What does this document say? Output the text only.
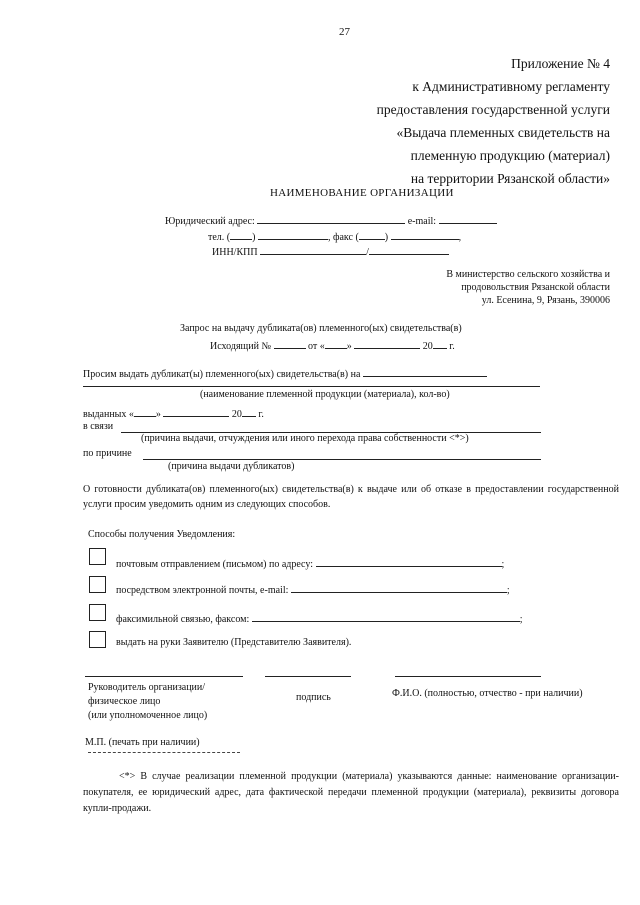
27
Приложение № 4
к Административному регламенту
предоставления государственной услуги
«Выдача племенных свидетельств на
племенную продукцию (материал)
на территории Рязанской области»
НАИМЕНОВАНИЕ ОРГАНИЗАЦИИ
Юридический адрес:	e-mail:
тел. ( )	, факс (	)	,
ИНН/КПП	/
В министерство сельского хозяйства и
продовольствия Рязанской области
ул. Есенина, 9, Рязань, 390006
Запрос на выдачу дубликата(ов) племенного(ых) свидетельства(в)
Исходящий №	от « »	20 г.
Просим выдать дубликат(ы) племенного(ых) свидетельства(в) на
(наименование племенной продукции (материала), кол-во)
выданных « »	20 г.
в связи
(причина выдачи, отчуждения или иного перехода права собственности <*>)
по причине
(причина выдачи дубликатов)
О готовности дубликата(ов) племенного(ых) свидетельства(в) к выдаче или об отказе в предоставлении государственной услуги просим уведомить одним из следующих способов.
Способы получения Уведомления:
почтовым отправлением (письмом) по адресу:	;
посредством электронной почты, e-mail:	;
факсимильной связью, факсом:	;
выдать на руки Заявителю (Представителю Заявителя).
Руководитель организации/
физическое лицо
(или уполномоченное лицо)
подпись	Ф.И.О. (полностью, отчество - при наличии)
М.П. (печать при наличии)
<*> В случае реализации племенной продукции (материала) указываются данные: наименование организации-покупателя, ее юридический адрес, дата фактической передачи племенной продукции (материала), реквизиты договора купли-продажи.
